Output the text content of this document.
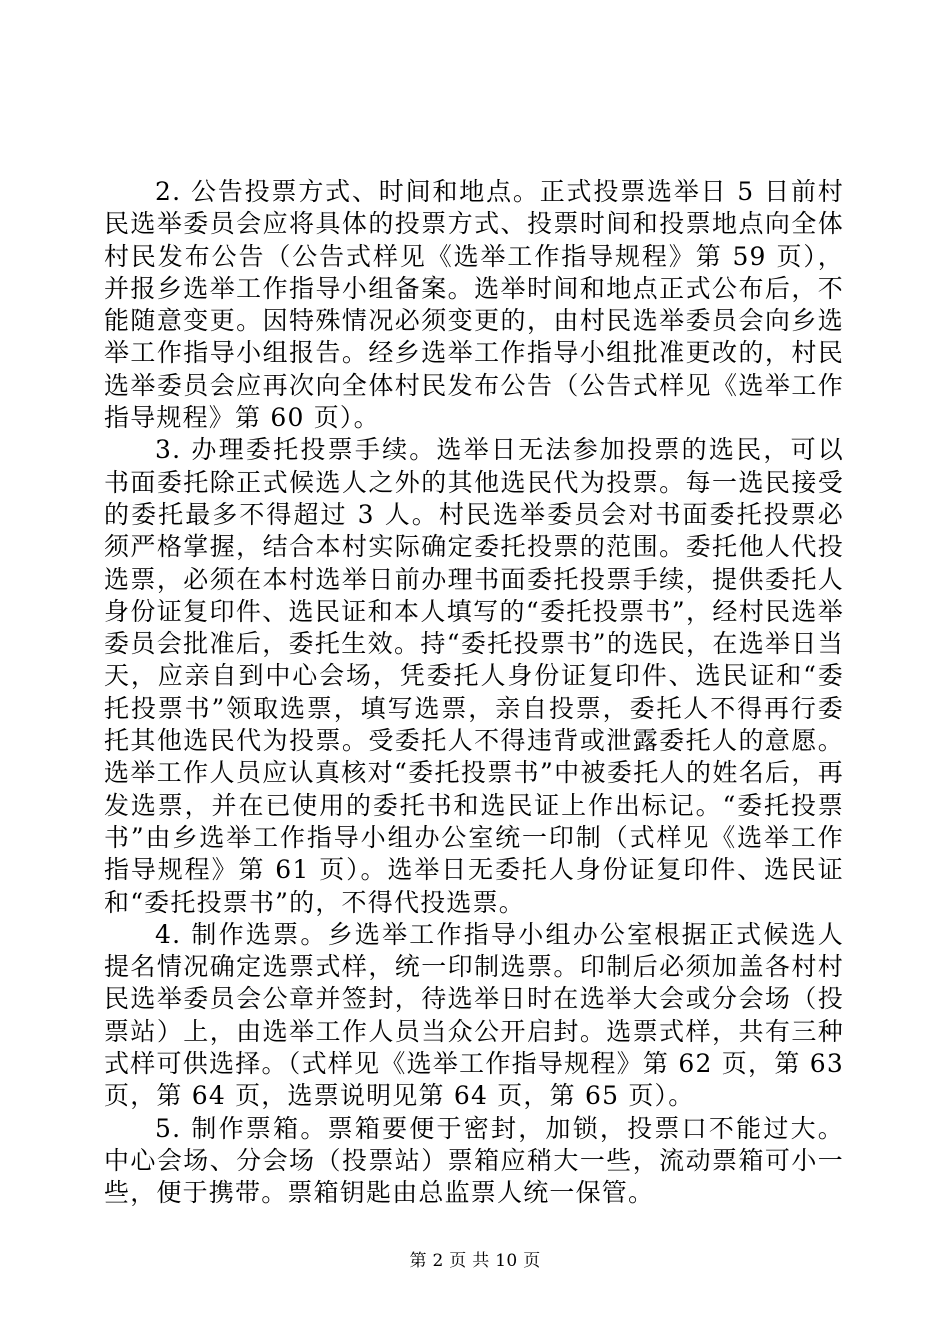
2. 公告投票方式、时间和地点。正式投票选举日 5 日前村民选举委员会应将具体的投票方式、投票时间和投票地点向全体村民发布公告（公告式样见《选举工作指导规程》第 59 页），并报乡选举工作指导小组备案。选举时间和地点正式公布后，不能随意变更。因特殊情况必须变更的，由村民选举委员会向乡选举工作指导小组报告。经乡选举工作指导小组批准更改的，村民选举委员会应再次向全体村民发布公告（公告式样见《选举工作指导规程》第 60 页）。

3. 办理委托投票手续。选举日无法参加投票的选民，可以书面委托除正式候选人之外的其他选民代为投票。每一选民接受的委托最多不得超过 3 人。村民选举委员会对书面委托投票必须严格掌握，结合本村实际确定委托投票的范围。委托他人代投选票，必须在本村选举日前办理书面委托投票手续，提供委托人身份证复印件、选民证和本人填写的“委托投票书”，经村民选举委员会批准后，委托生效。持“委托投票书”的选民，在选举日当天，应亲自到中心会场，凭委托人身份证复印件、选民证和“委托投票书”领取选票，填写选票，亲自投票，委托人不得再行委托其他选民代为投票。受委托人不得违背或泄露委托人的意愿。选举工作人员应认真核对“委托投票书”中被委托人的姓名后，再发选票，并在已使用的委托书和选民证上作出标记。“委托投票书”由乡选举工作指导小组办公室统一印制（式样见《选举工作指导规程》第 61 页）。选举日无委托人身份证复印件、选民证和“委托投票书”的，不得代投选票。

4. 制作选票。乡选举工作指导小组办公室根据正式候选人提名情况确定选票式样，统一印制选票。印制后必须加盖各村村民选举委员会公章并签封，待选举日时在选举大会或分会场（投票站）上，由选举工作人员当众公开启封。选票式样，共有三种式样可供选择。（式样见《选举工作指导规程》第 62 页，第 63 页，第 64 页，选票说明见第 64 页，第 65 页）。

5. 制作票箱。票箱要便于密封，加锁，投票口不能过大。中心会场、分会场（投票站）票箱应稍大一些，流动票箱可小一些，便于携带。票箱钥匙由总监票人统一保管。

第 2 页 共 10 页
